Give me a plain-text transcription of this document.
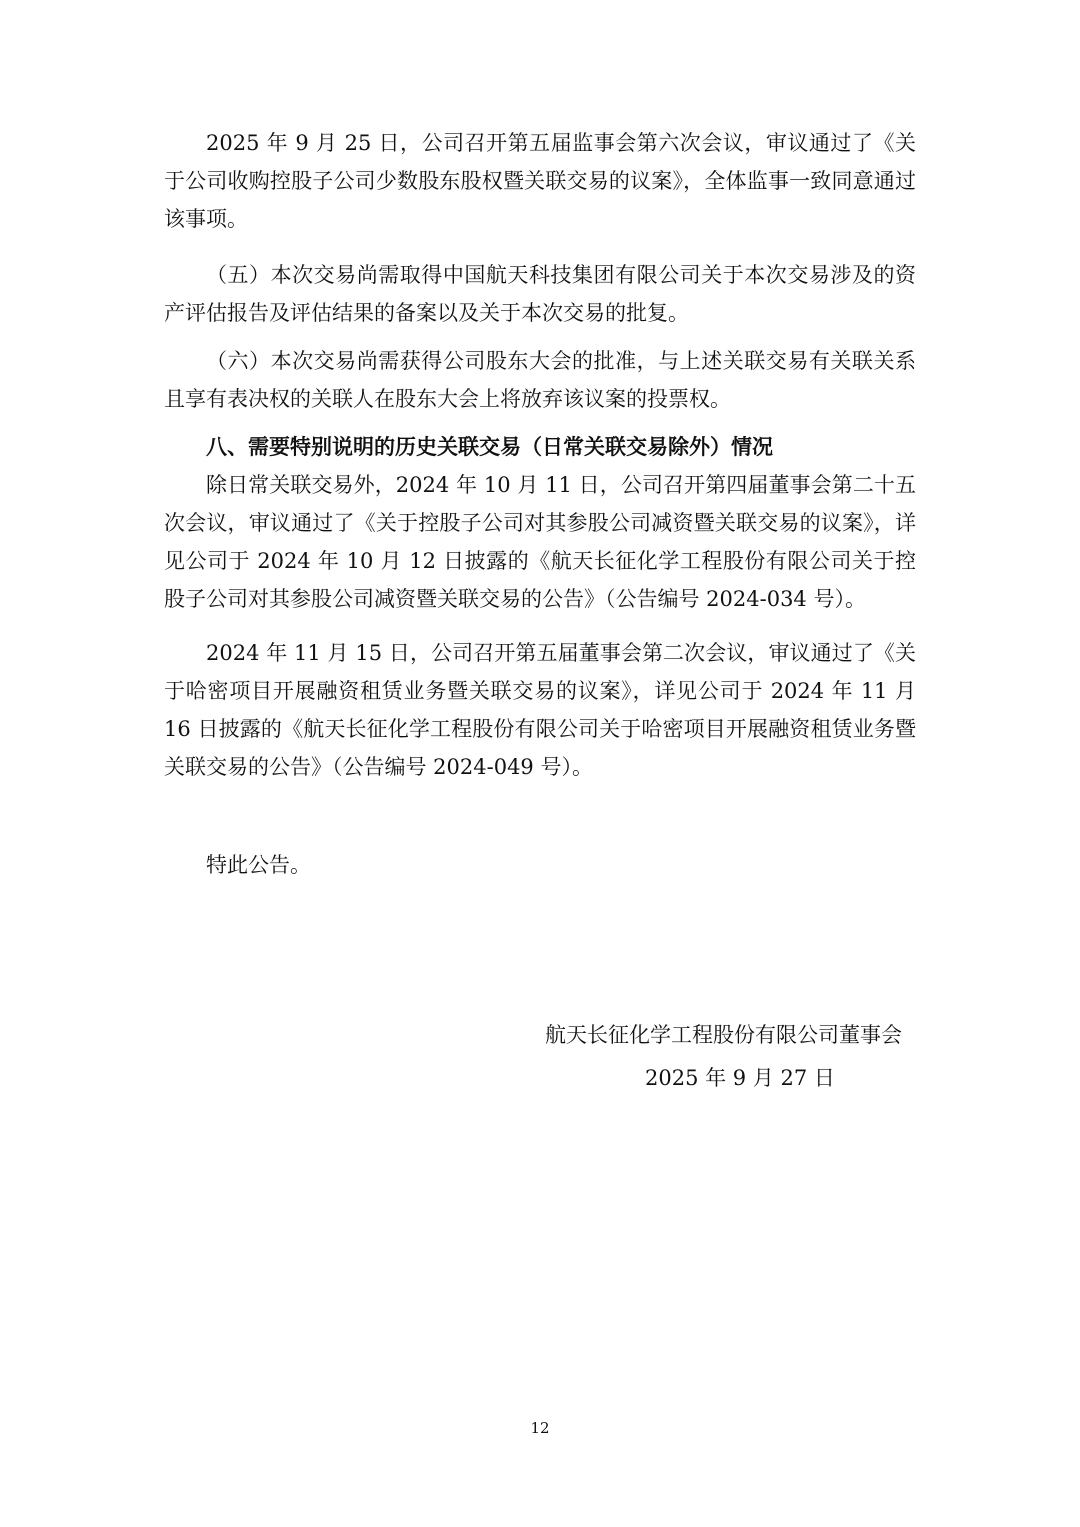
2025 年 9 月 25 日，公司召开第五届监事会第六次会议，审议通过了《关于公司收购控股子公司少数股东股权暨关联交易的议案》，全体监事一致同意通过该事项。

（五）本次交易尚需取得中国航天科技集团有限公司关于本次交易涉及的资产评估报告及评估结果的备案以及关于本次交易的批复。

（六）本次交易尚需获得公司股东大会的批准，与上述关联交易有关联关系且享有表决权的关联人在股东大会上将放弃该议案的投票权。

八、需要特别说明的历史关联交易（日常关联交易除外）情况

除日常关联交易外，2024 年 10 月 11 日，公司召开第四届董事会第二十五次会议，审议通过了《关于控股子公司对其参股公司减资暨关联交易的议案》，详见公司于 2024 年 10 月 12 日披露的《航天长征化学工程股份有限公司关于控股子公司对其参股公司减资暨关联交易的公告》（公告编号 2024-034 号）。

2024 年 11 月 15 日，公司召开第五届董事会第二次会议，审议通过了《关于哈密项目开展融资租赁业务暨关联交易的议案》，详见公司于 2024 年 11 月 16 日披露的《航天长征化学工程股份有限公司关于哈密项目开展融资租赁业务暨关联交易的公告》（公告编号 2024-049 号）。

特此公告。

航天长征化学工程股份有限公司董事会

2025 年 9 月 27 日

12
